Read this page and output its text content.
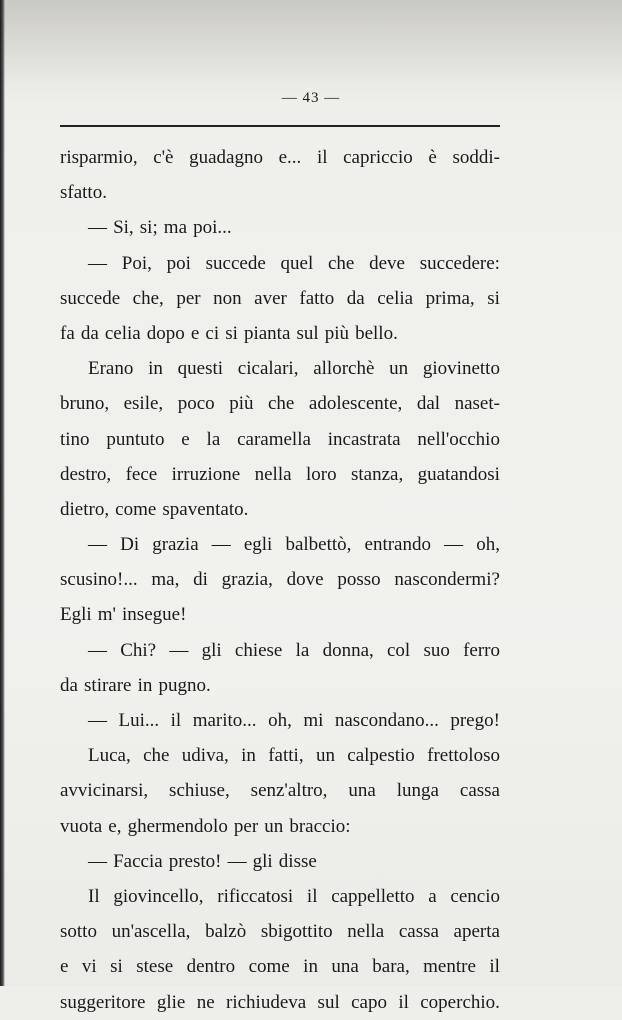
— 43 —
risparmio, c'è guadagno e... il capriccio è soddi-
sfatto.
— Si, si; ma poi...
— Poi, poi succede quel che deve succedere:
succede che, per non aver fatto da celia prima, si
fa da celia dopo e ci si pianta sul più bello.
Erano in questi cicalari, allorchè un giovinetto
bruno, esile, poco più che adolescente, dal naset-
tino puntuto e la caramella incastrata nell'occhio
destro, fece irruzione nella loro stanza, guatandosi
dietro, come spaventato.
— Di grazia — egli balbettò, entrando — oh,
scusino!... ma, di grazia, dove posso nascondermi?
Egli m' insegue!
— Chi? — gli chiese la donna, col suo ferro
da stirare in pugno.
— Lui... il marito... oh, mi nascondano... prego!
Luca, che udiva, in fatti, un calpestio frettoloso
avvicinarsi, schiuse, senz'altro, una lunga cassa
vuota e, ghermendolo per un braccio:
— Faccia presto! — gli disse
Il giovincello, rificcatosi il cappelletto a cencio
sotto un'ascella, balzò sbigottito nella cassa aperta
e vi si stese dentro come in una bara, mentre il
suggeritore glie ne richiudeva sul capo il coperchio.
